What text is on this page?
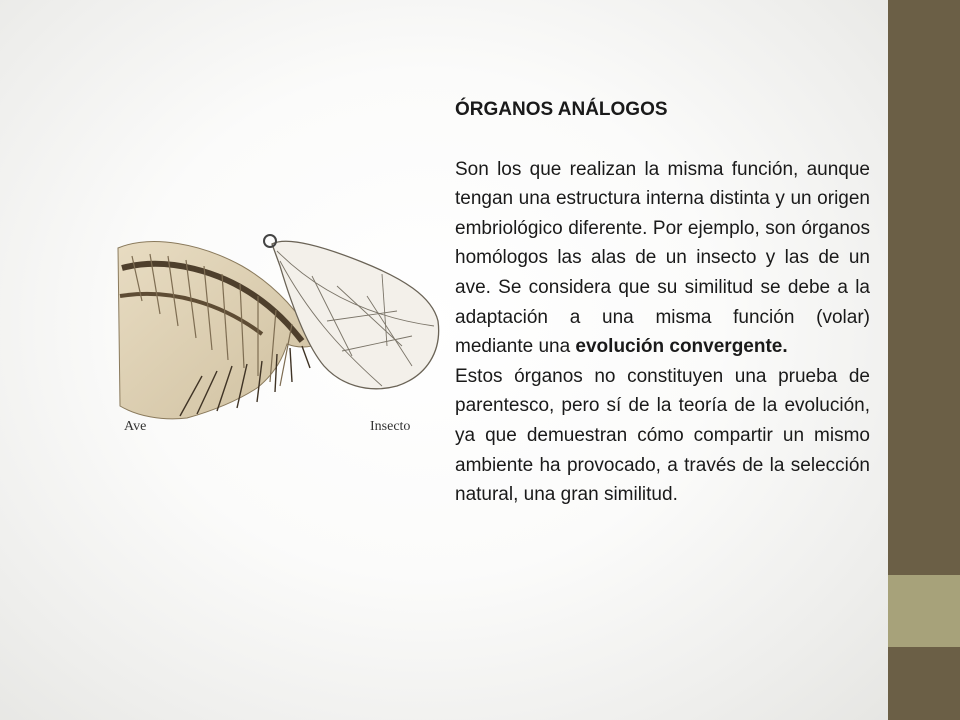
Ave	Insecto

ÓRGANOS ANÁLOGOS

Son los que realizan la misma función, aunque tengan una estructura interna distinta y un origen embriológico diferente. Por ejemplo, son órganos homólogos las alas de un insecto y las de un ave. Se considera que su similitud se debe a la adaptación a una misma función (volar) mediante una evolución convergente.

Estos órganos no constituyen una prueba de parentesco, pero sí de la teoría de la evolución, ya que demuestran cómo compartir un mismo ambiente ha provocado, a través de la selección natural, una gran similitud.
